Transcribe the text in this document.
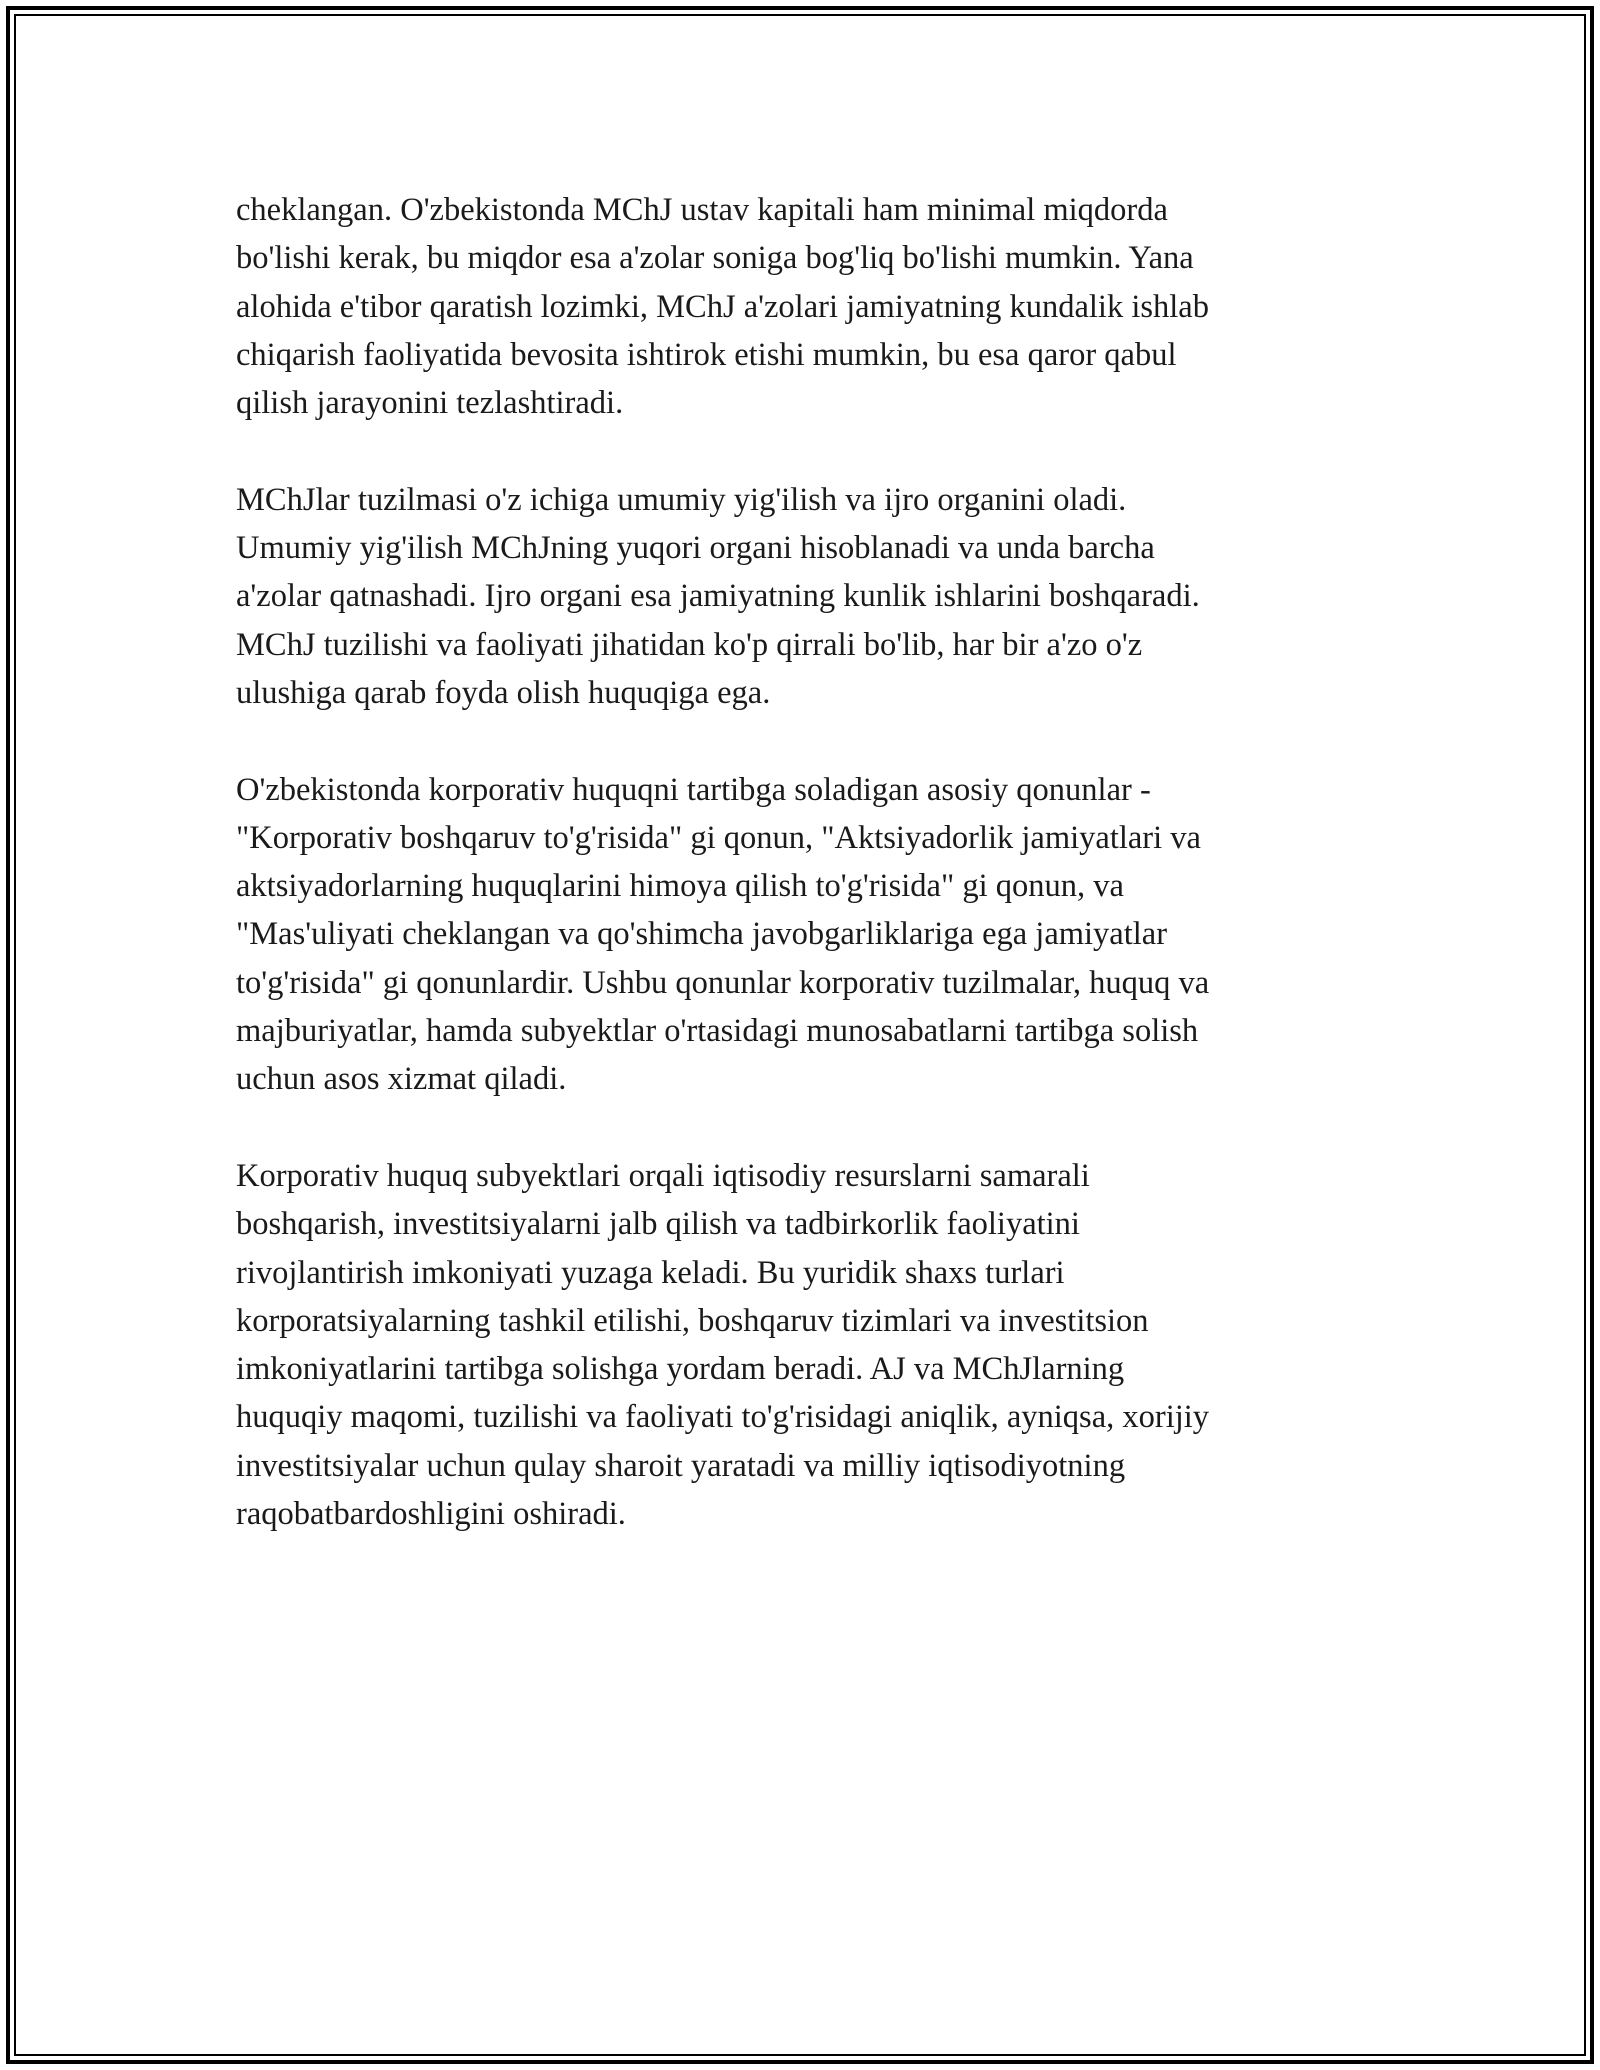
cheklangan. O'zbekistonda MChJ ustav kapitali ham minimal miqdorda
bo'lishi kerak, bu miqdor esa a'zolar soniga bog'liq bo'lishi mumkin. Yana
alohida e'tibor qaratish lozimki, MChJ a'zolari jamiyatning kundalik ishlab
chiqarish faoliyatida bevosita ishtirok etishi mumkin, bu esa qaror qabul
qilish jarayonini tezlashtiradi.

MChJlar tuzilmasi o'z ichiga umumiy yig'ilish va ijro organini oladi.
Umumiy yig'ilish MChJning yuqori organi hisoblanadi va unda barcha
a'zolar qatnashadi. Ijro organi esa jamiyatning kunlik ishlarini boshqaradi.
MChJ tuzilishi va faoliyati jihatidan ko'p qirrali bo'lib, har bir a'zo o'z
ulushiga qarab foyda olish huquqiga ega.

O'zbekistonda korporativ huquqni tartibga soladigan asosiy qonunlar -
"Korporativ boshqaruv to'g'risida" gi qonun, "Aktsiyadorlik jamiyatlari va
aktsiyadorlarning huquqlarini himoya qilish to'g'risida" gi qonun, va
"Mas'uliyati cheklangan va qo'shimcha javobgarliklariga ega jamiyatlar
to'g'risida" gi qonunlardir. Ushbu qonunlar korporativ tuzilmalar, huquq va
majburiyatlar, hamda subyektlar o'rtasidagi munosabatlarni tartibga solish
uchun asos xizmat qiladi.

Korporativ huquq subyektlari orqali iqtisodiy resurslarni samarali
boshqarish, investitsiyalarni jalb qilish va tadbirkorlik faoliyatini
rivojlantirish imkoniyati yuzaga keladi. Bu yuridik shaxs turlari
korporatsiyalarning tashkil etilishi, boshqaruv tizimlari va investitsion
imkoniyatlarini tartibga solishga yordam beradi. AJ va MChJlarning
huquqiy maqomi, tuzilishi va faoliyati to'g'risidagi aniqlik, ayniqsa, xorijiy
investitsiyalar uchun qulay sharoit yaratadi va milliy iqtisodiyotning
raqobatbardoshligini oshiradi.
